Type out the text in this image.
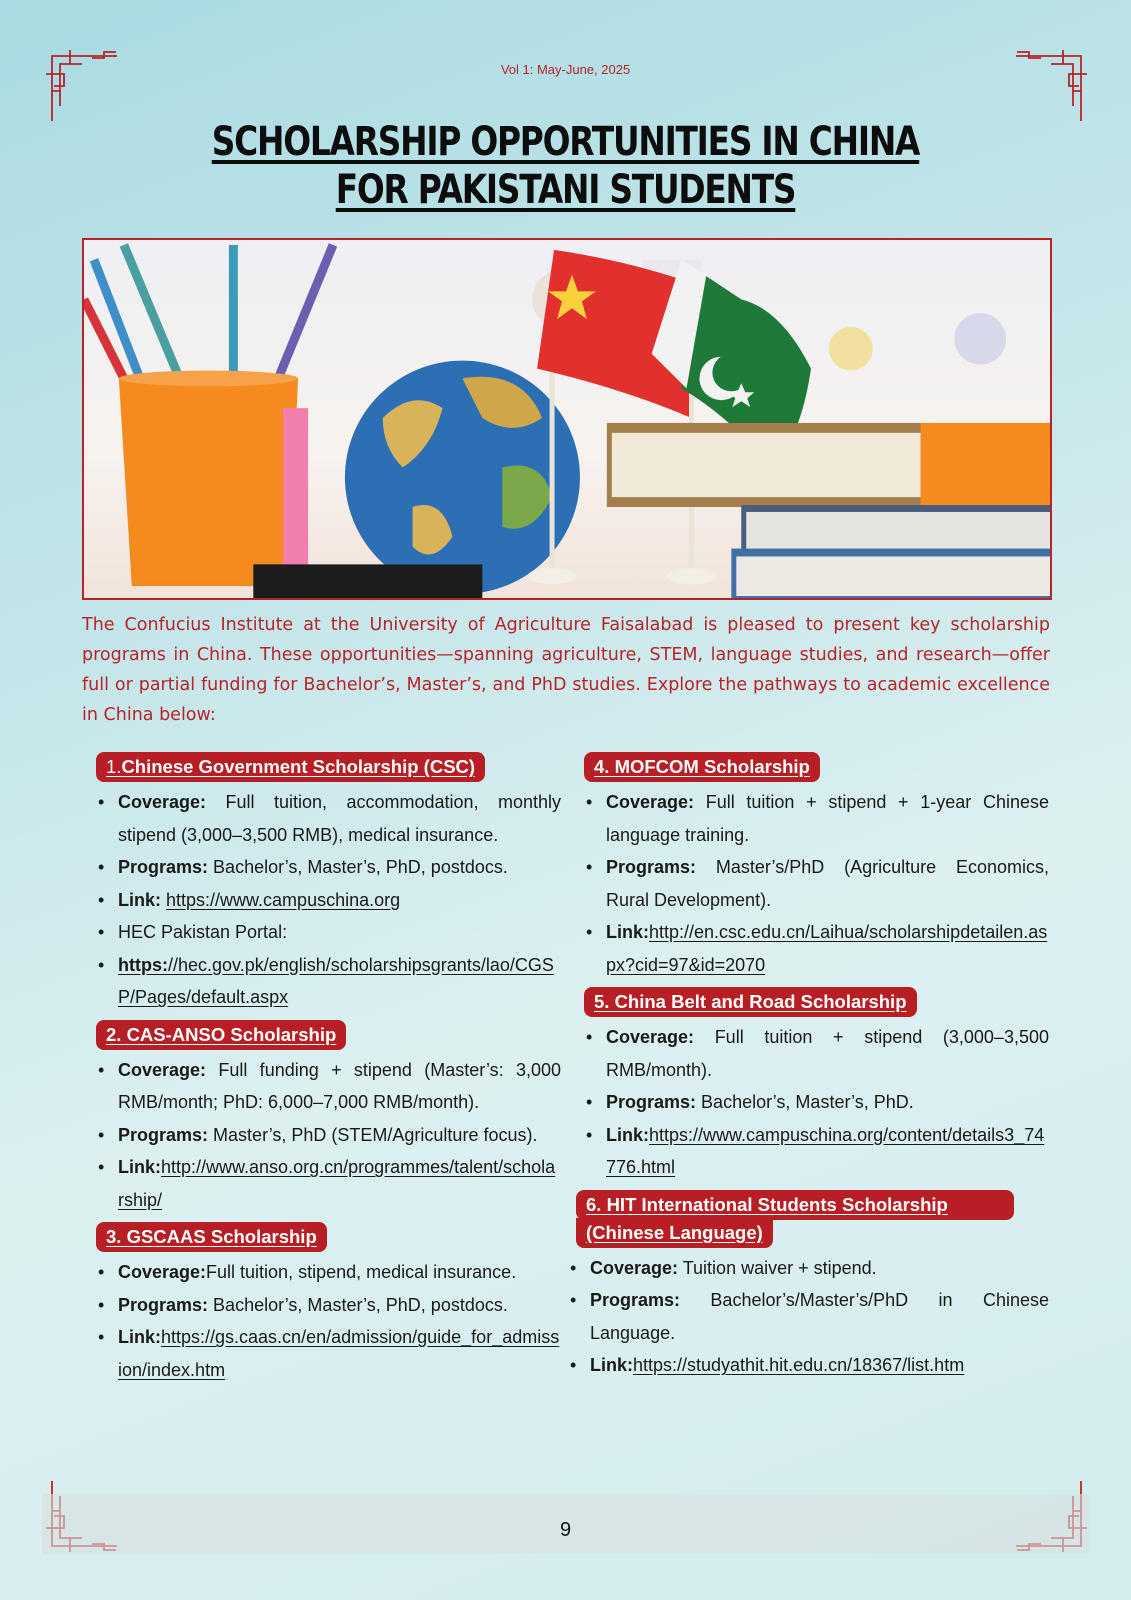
Vol 1: May-June, 2025
SCHOLARSHIP OPPORTUNITIES IN CHINA
FOR PAKISTANI STUDENTS

The Confucius Institute at the University of Agriculture Faisalabad is pleased to present key scholarship programs in China. These opportunities—spanning agriculture, STEM, language studies, and research—offer full or partial funding for Bachelor’s, Master’s, and PhD studies. Explore the pathways to academic excellence in China below:

1.Chinese Government Scholarship (CSC)
• Coverage: Full tuition, accommodation, monthly stipend (3,000–3,500 RMB), medical insurance.
• Programs: Bachelor’s, Master’s, PhD, postdocs.
• Link: https://www.campuschina.org
• HEC Pakistan Portal:
• https://hec.gov.pk/english/scholarshipsgrants/lao/CGSP/Pages/default.aspx
2. CAS-ANSO Scholarship
• Coverage: Full funding + stipend (Master’s: 3,000 RMB/month; PhD: 6,000–7,000 RMB/month).
• Programs: Master’s, PhD (STEM/Agriculture focus).
• Link:http://www.anso.org.cn/programmes/talent/scholarship/
3. GSCAAS Scholarship
• Coverage:Full tuition, stipend, medical insurance.
• Programs: Bachelor’s, Master’s, PhD, postdocs.
• Link:https://gs.caas.cn/en/admission/guide_for_admission/index.htm
4. MOFCOM Scholarship
• Coverage: Full tuition + stipend + 1-year Chinese language training.
• Programs: Master’s/PhD (Agriculture Economics, Rural Development).
• Link:http://en.csc.edu.cn/Laihua/scholarshipdetailen.aspx?cid=97&id=2070
5. China Belt and Road Scholarship
• Coverage: Full tuition + stipend (3,000–3,500 RMB/month).
• Programs: Bachelor’s, Master’s, PhD.
• Link:https://www.campuschina.org/content/details3_74776.html
6. HIT International Students Scholarship
(Chinese Language)
• Coverage: Tuition waiver + stipend.
• Programs: Bachelor’s/Master’s/PhD in Chinese Language.
• Link:https://studyathit.hit.edu.cn/18367/list.htm
9
